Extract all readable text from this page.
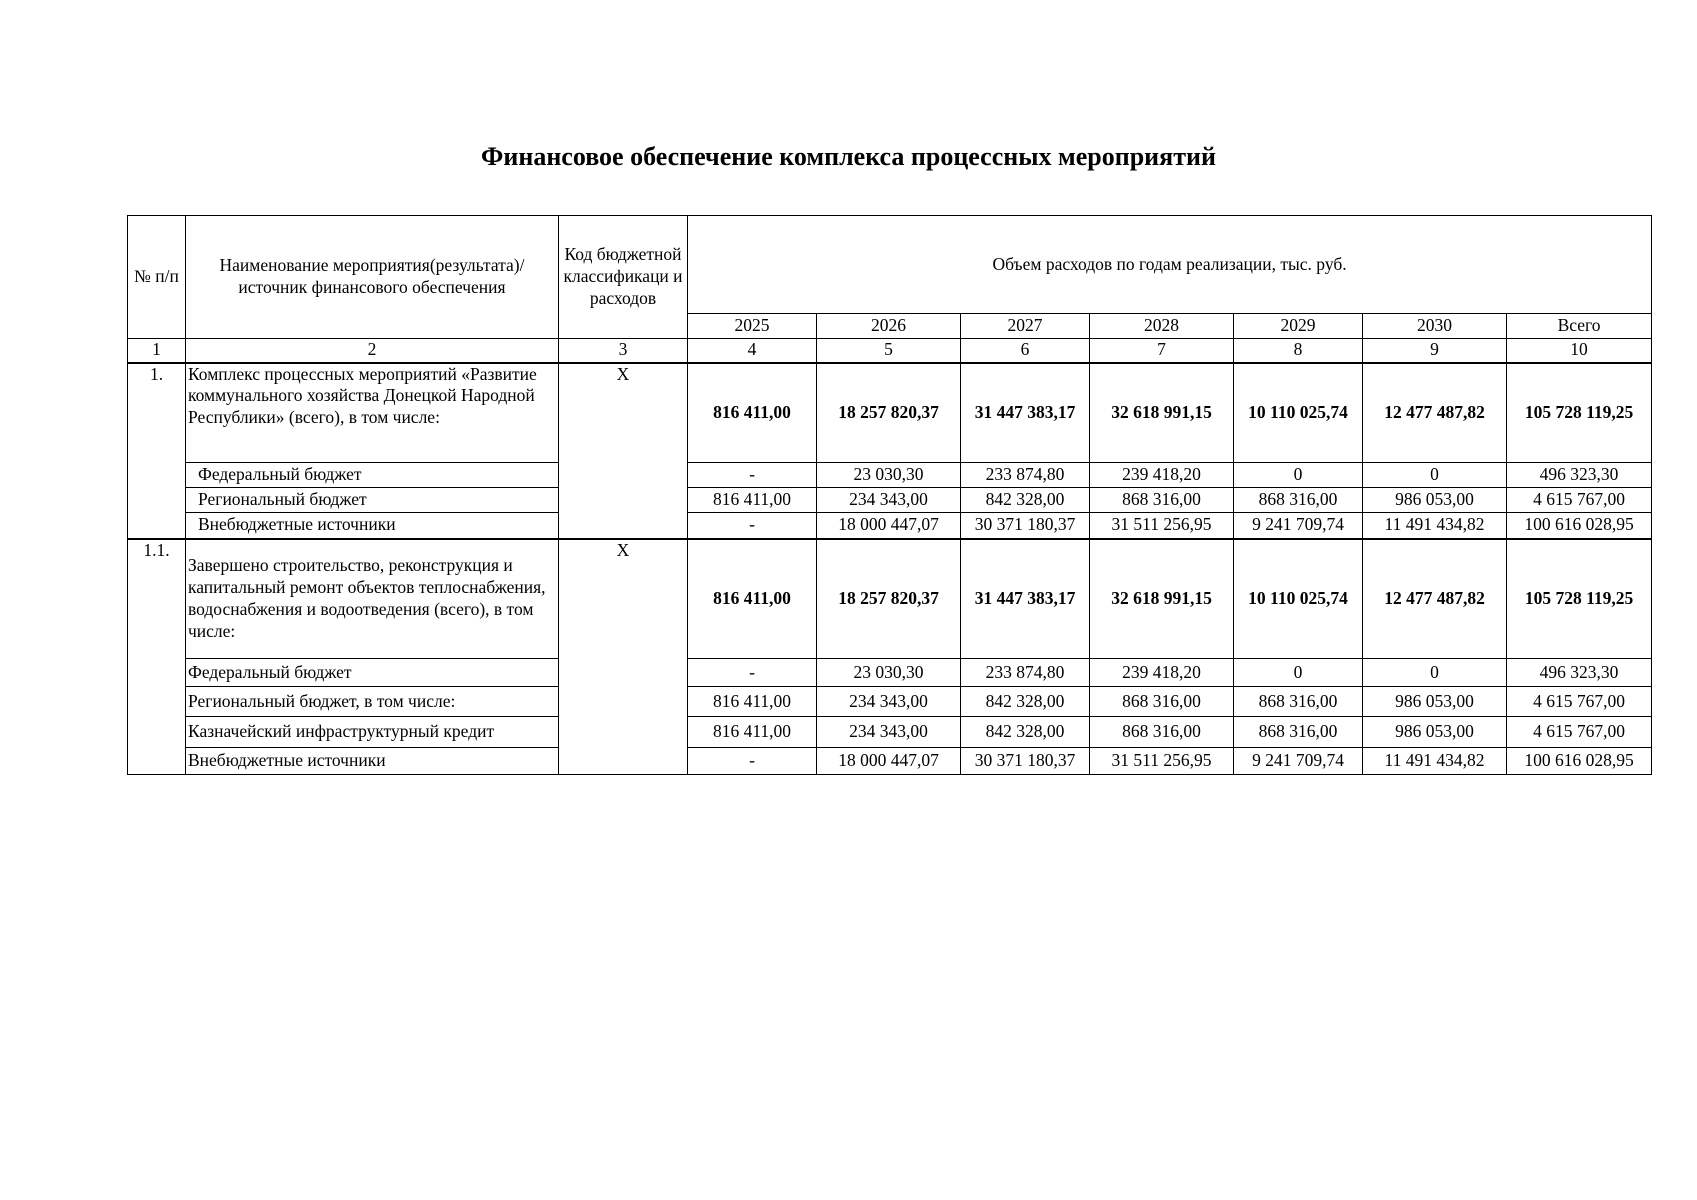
Финансовое обеспечение комплекса процессных мероприятий
№ п/п	Наименование мероприятия(результата)/ источник финансового обеспечения	Код бюджетной классификаци и расходов	Объем расходов по годам реализации, тыс. руб.						
			2025	2026	2027	2028	2029	2030	Всего
1	2	3	4	5	6	7	8	9	10
1.	Комплекс процессных мероприятий «Развитие коммунального хозяйства Донецкой Народной Республики» (всего), в том числе:	X	816 411,00	18 257 820,37	31 447 383,17	32 618 991,15	10 110 025,74	12 477 487,82	105 728 119,25
	Федеральный бюджет		-	23 030,30	233 874,80	239 418,20	0	0	496 323,30
	Региональный бюджет		816 411,00	234 343,00	842 328,00	868 316,00	868 316,00	986 053,00	4 615 767,00
	Внебюджетные источники		-	18 000 447,07	30 371 180,37	31 511 256,95	9 241 709,74	11 491 434,82	100 616 028,95
1.1.	Завершено строительство, реконструкция и капитальный ремонт объектов теплоснабжения, водоснабжения и водоотведения (всего), в том числе:	X	816 411,00	18 257 820,37	31 447 383,17	32 618 991,15	10 110 025,74	12 477 487,82	105 728 119,25
	Федеральный бюджет		-	23 030,30	233 874,80	239 418,20	0	0	496 323,30
	Региональный бюджет, в том числе:		816 411,00	234 343,00	842 328,00	868 316,00	868 316,00	986 053,00	4 615 767,00
	Казначейский инфраструктурный кредит		816 411,00	234 343,00	842 328,00	868 316,00	868 316,00	986 053,00	4 615 767,00
	Внебюджетные источники		-	18 000 447,07	30 371 180,37	31 511 256,95	9 241 709,74	11 491 434,82	100 616 028,95
